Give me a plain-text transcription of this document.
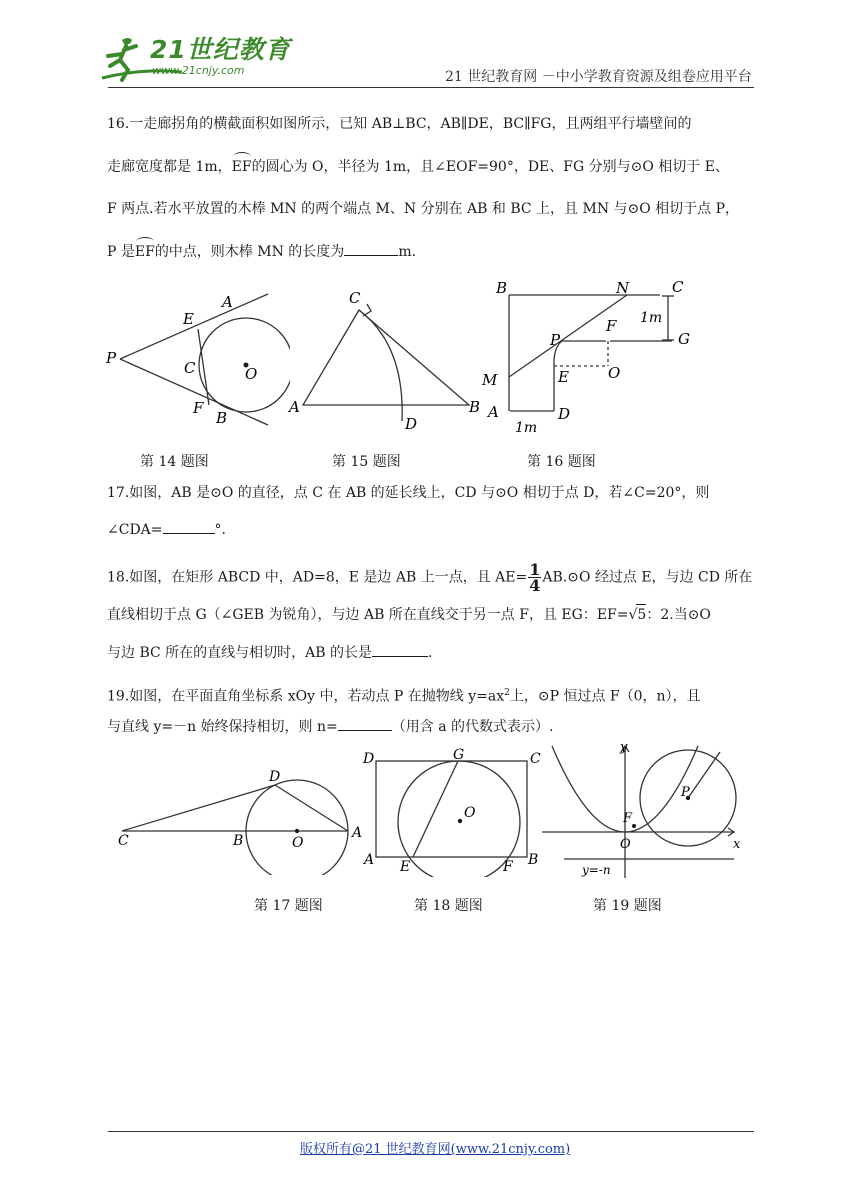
21世纪教育
www.21cnjy.com	21 世纪教育网 －中小学教育资源及组卷应用平台
16.一走廊拐角的横截面积如图所示，已知 AB⊥BC，AB∥DE，BC∥FG，且两组平行墙壁间的
走廊宽度都是 1m，EF的圆心为 O，半径为 1m，且∠EOF=90°，DE、FG 分别与⊙O 相切于 E、
F 两点.若水平放置的木棒 MN 的两个端点 M、N 分别在 AB 和 BC 上，且 MN 与⊙O 相切于点 P，
P 是EF的中点，则木棒 MN 的长度为	m.
P
A
E
C	O
F
B
C
A
D
B
B	N	C
F
P	G
M	E	O
A	D
1m
1m
第 14 题图	第 15 题图	第 16 题图
17.如图，AB 是⊙O 的直径，点 C 在 AB 的延长线上，CD 与⊙O 相切于点 D，若∠C=20°，则
∠CDA=	°.
18.如图，在矩形 ABCD 中，AD=8，E 是边 AB 上一点，且 $AE= \frac{1}{4}$ AB.⊙O 经过点 E，与边 CD 所在
直线相切于点 G（∠GEB 为锐角），与边 AB 所在直线交于另一点 F，且 EG：EF=√5：2.当⊙O
与边 BC 所在的直线与相切时，AB 的长是	.
19.如图，在平面直角坐标系 xOy 中，若动点 P 在抛物线 $y=ax^2$上，⊙P 恒过点 F（0，n），且
与直线 y=－n 始终保持相切，则 n=	（用含 a 的代数式表示）.
D
C	B	O
A
D	G	C
O
A E	F B
y
P
F
O	x
y=-n
第 17 题图	第 18 题图	第 19 题图
版权所有@21 世纪教育网(www.21cnjy.com)
